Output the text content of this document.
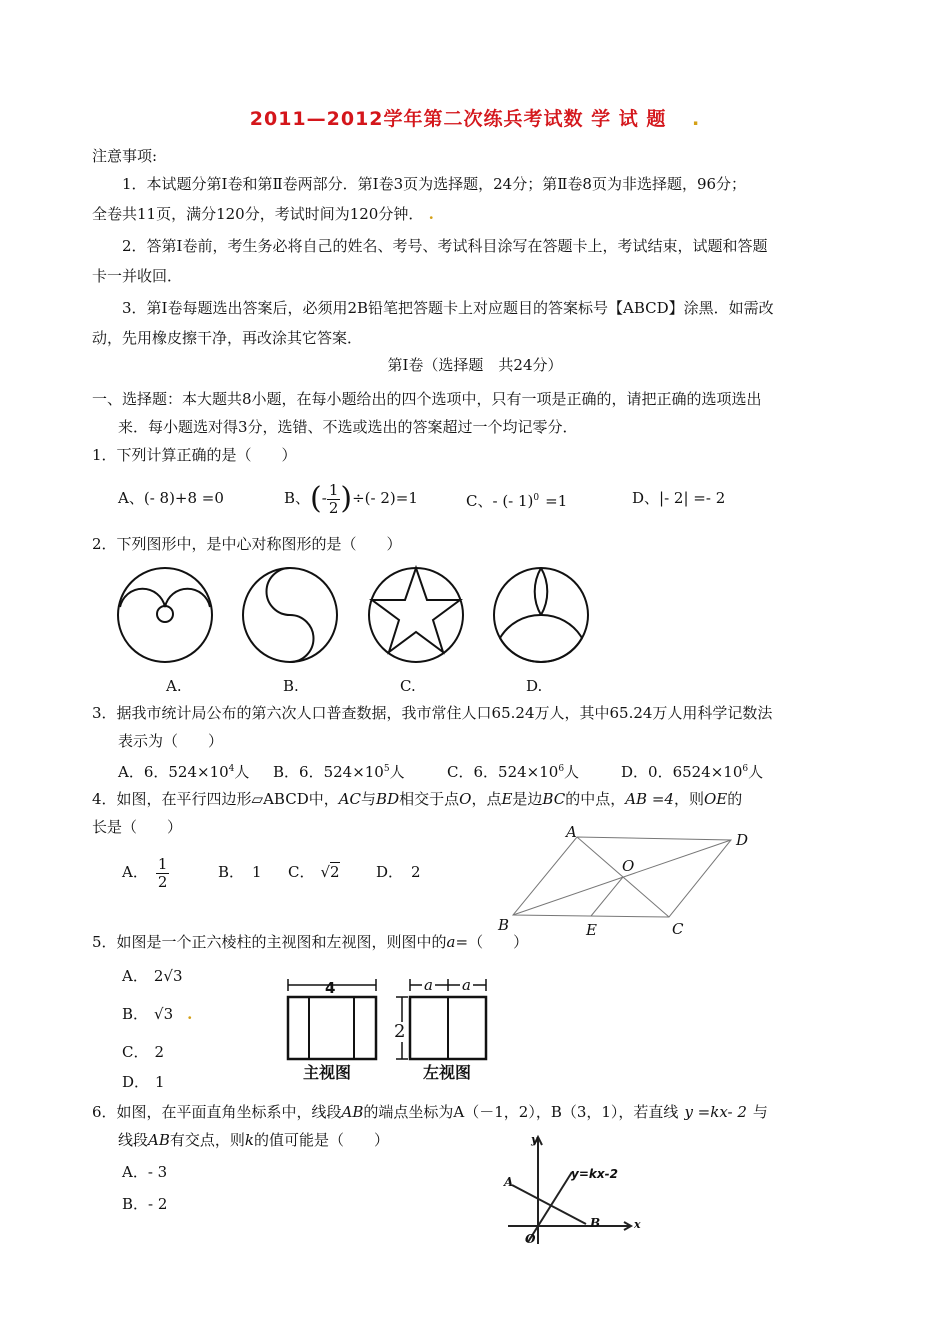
2011—2012学年第二次练兵考试数 学 试 题 .
注意事项:
1．本试题分第Ⅰ卷和第Ⅱ卷两部分．第Ⅰ卷3页为选择题，24分；第Ⅱ卷8页为非选择题，96分；
全卷共11页，满分120分，考试时间为120分钟． .
2．答第Ⅰ卷前，考生务必将自己的姓名、考号、考试科目涂写在答题卡上，考试结束，试题和答题
卡一并收回．
3．第Ⅰ卷每题选出答案后，必须用2B铅笔把答题卡上对应题目的答案标号【ABCD】涂黑．如需改
动，先用橡皮擦干净，再改涂其它答案．
第Ⅰ卷（选择题　共24分）
一、选择题：本大题共8小题，在每小题给出的四个选项中，只有一项是正确的，请把正确的选项选出
来．每小题选对得3分，选错、不选或选出的答案超过一个均记零分．
1．下列计算正确的是（　　）
A、(- 8)+8 =0	B、(- $\frac{1}{2}$ )÷(- 2)=1	C、- (- 1)$^0$ =1	D、|- 2| =- 2
2．下列图形中，是中心对称图形的是（　　）
A.	B.	C.	D.
3．据我市统计局公布的第六次人口普查数据，我市常住人口65.24万人，其中65.24万人用科学记数法
表示为（　　）
A．6．$524\times 10^4$人 B．6．$524\times 10^5$人	C．6．$524\times 10^6$人	D．0．$6524\times 10^6$人
4．如图，在平行四边形▱ABCD中，AC与BD相交于点O，点E是边BC的中点，AB =4，则OE的
长是（　　）
A． $\frac{1}{2}$	B． 1 C． √2 D． 2
A	D
O
B	E	C
5．如图是一个正六棱柱的主视图和左视图，则图中的a=（　　）
A． 2√3
B． √3 .
C． 2
D． 1
4	a a
2
主视图	左视图
6．如图，在平面直角坐标系中，线段AB的端点坐标为A（－1，2），B（3，1），若直线 y =kx- 2 与
线段AB有交点，则k的值可能是（　　）
A．- 3
B．- 2
y
x
A
B
O
y=kx-2
